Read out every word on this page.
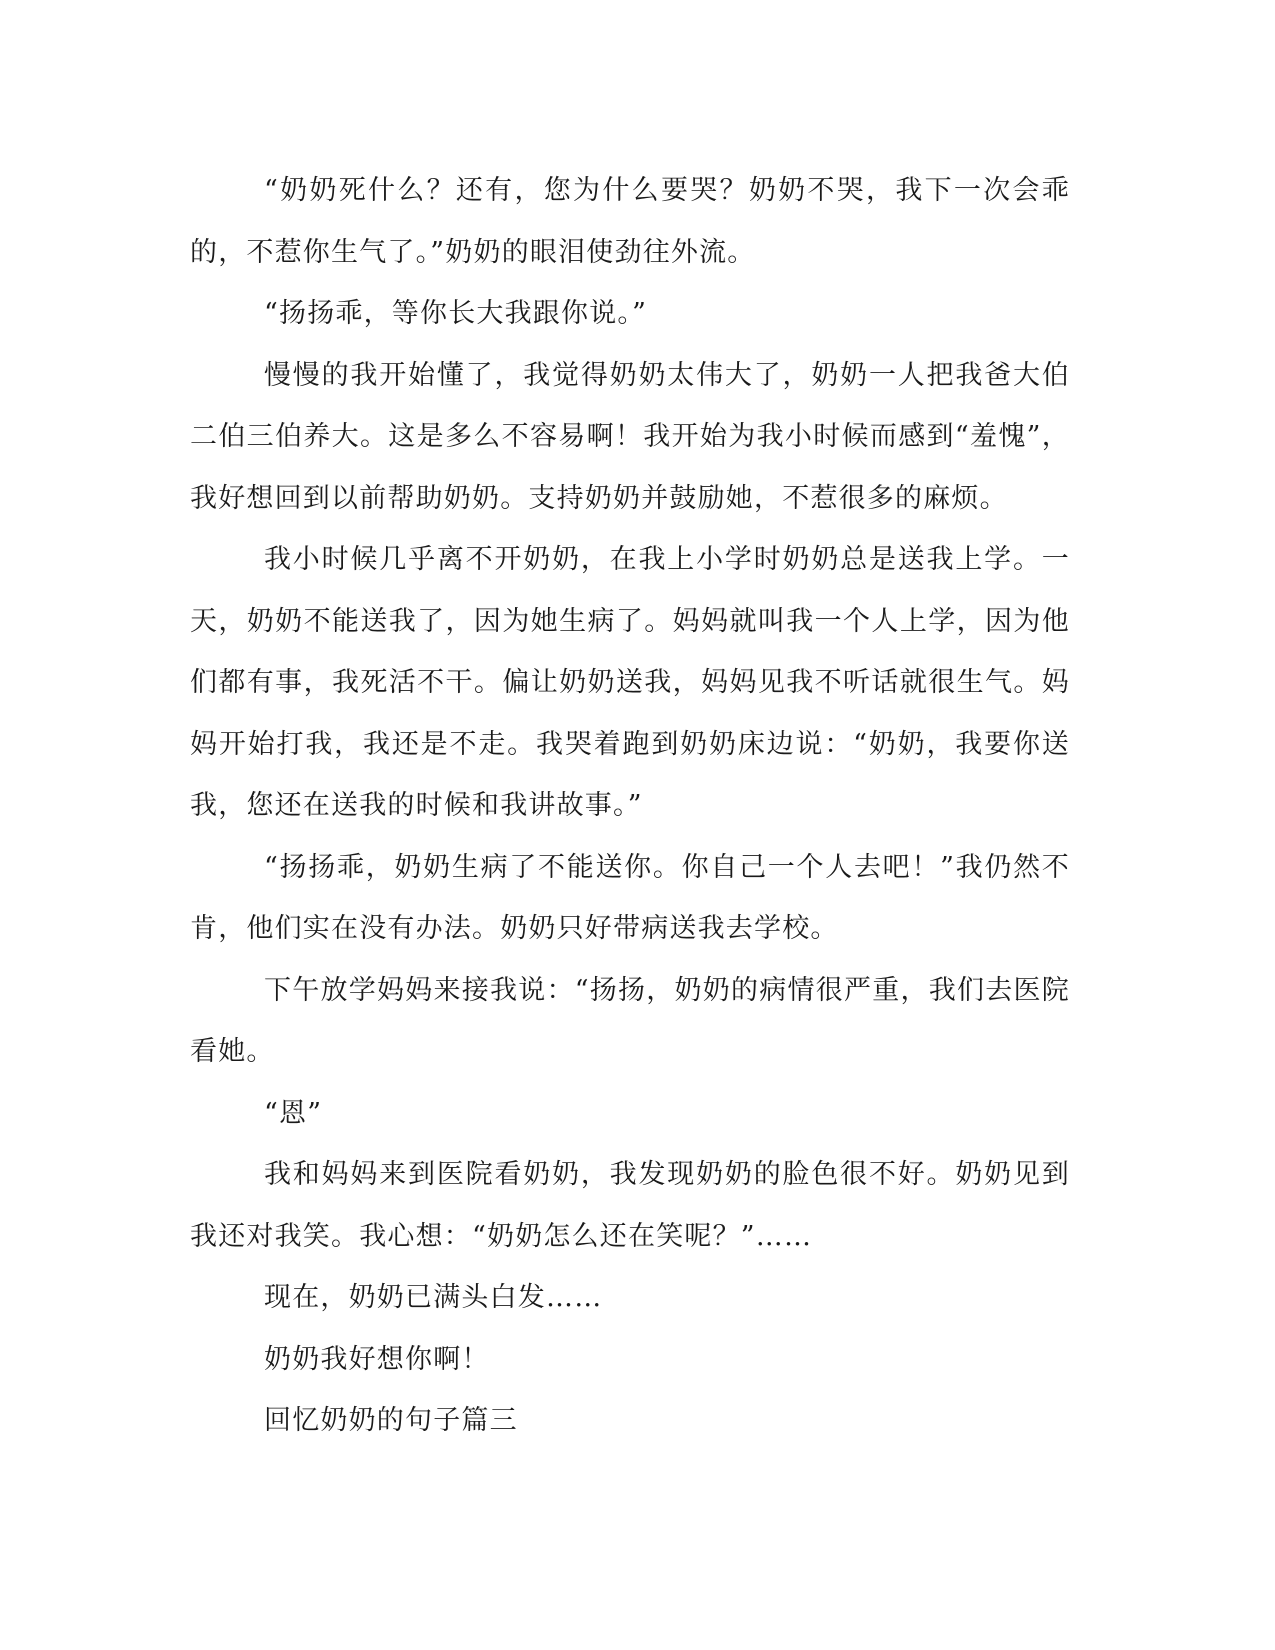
“奶奶死什么？还有，您为什么要哭？奶奶不哭，我下一次会乖的，不惹你生气了。”奶奶的眼泪使劲往外流。

“扬扬乖，等你长大我跟你说。”

慢慢的我开始懂了，我觉得奶奶太伟大了，奶奶一人把我爸大伯二伯三伯养大。这是多么不容易啊！我开始为我小时候而感到“羞愧”，我好想回到以前帮助奶奶。支持奶奶并鼓励她，不惹很多的麻烦。

我小时候几乎离不开奶奶，在我上小学时奶奶总是送我上学。一天，奶奶不能送我了，因为她生病了。妈妈就叫我一个人上学，因为他们都有事，我死活不干。偏让奶奶送我，妈妈见我不听话就很生气。妈妈开始打我，我还是不走。我哭着跑到奶奶床边说：“奶奶，我要你送我，您还在送我的时候和我讲故事。”

“扬扬乖，奶奶生病了不能送你。你自己一个人去吧！”我仍然不肯，他们实在没有办法。奶奶只好带病送我去学校。

下午放学妈妈来接我说：“扬扬，奶奶的病情很严重，我们去医院看她。

“恩”

我和妈妈来到医院看奶奶，我发现奶奶的脸色很不好。奶奶见到我还对我笑。我心想：“奶奶怎么还在笑呢？”……

现在，奶奶已满头白发……

奶奶我好想你啊！

回忆奶奶的句子篇三
